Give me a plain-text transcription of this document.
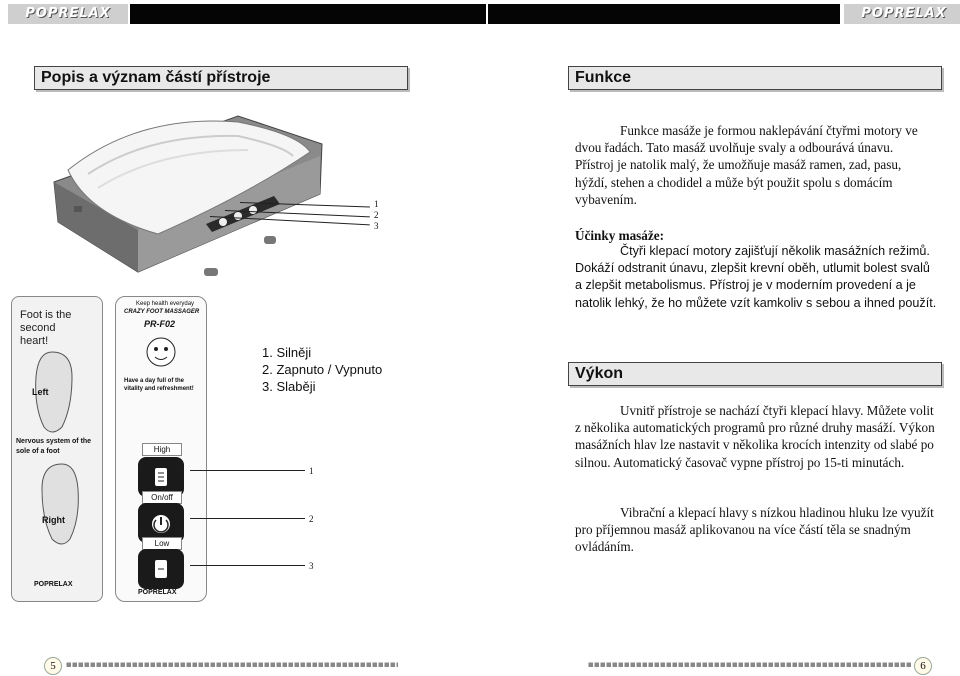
POPRELAX	POPRELAX
Popis a význam částí přístroje
1
2
3
Foot is the second heart!
Left
Nervous system of the sole of a foot
Right
POPRELAX
Keep health everyday
CRAZY FOOT MASSAGER
PR-F02
Have a day full of the vitality and refreshment!
High
On/off
Low
POPRELAX
1
2
3
1. Silněji
2. Zapnuto / Vypnuto
3. Slaběji
Funkce
Funkce masáže je formou naklepávání čtyřmi motory ve dvou řadách. Tato masáž uvolňuje svaly a odbourává únavu. Přístroj je natolik malý, že umožňuje masáž ramen, zad, pasu, hýždí, stehen a chodidel a může být použit spolu s domácím vybavením.
Účinky masáže:
Čtyři klepací motory zajišťují několik masážních režimů. Dokáží odstranit únavu, zlepšit krevní oběh, utlumit bolest svalů a zlepšit metabolismus. Přístroj je v moderním provedení a je natolik lehký, že ho můžete vzít kamkoliv s sebou a ihned použít.
Výkon
Uvnitř přístroje se nachází čtyři klepací hlavy. Můžete volit z několika automatických programů pro různé druhy masáží. Výkon masážních hlav lze nastavit v několika krocích intenzity od slabé po silnou. Automatický časovač vypne přístroj po 15-ti minutách.
Vibrační a klepací hlavy s nízkou hladinou hluku lze využít pro příjemnou masáž aplikovanou na více částí těla se snadným ovládáním.
5	6
